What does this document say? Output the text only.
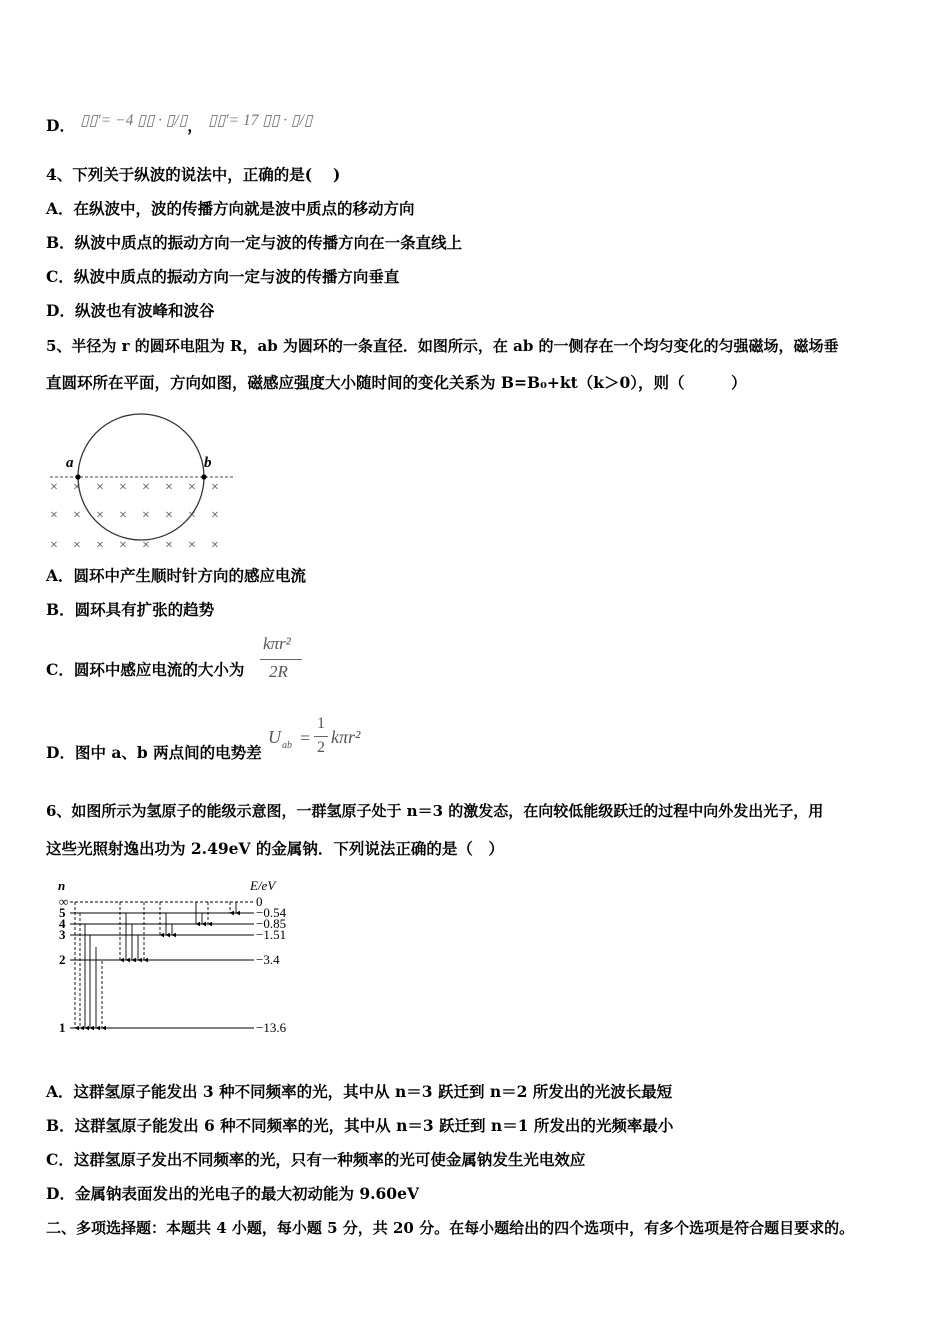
D． ▯▯′= −4 ▯▯ · ▯/▯， ▯▯′= 17 ▯▯ · ▯/▯
4、下列关于纵波的说法中，正确的是(　 )
A．在纵波中，波的传播方向就是波中质点的移动方向
B．纵波中质点的振动方向一定与波的传播方向在一条直线上
C．纵波中质点的振动方向一定与波的传播方向垂直
D．纵波也有波峰和波谷
5、半径为 r 的圆环电阻为 R，ab 为圆环的一条直径．如图所示，在 ab 的一侧存在一个均匀变化的匀强磁场，磁场垂
直圆环所在平面，方向如图，磁感应强度大小随时间的变化关系为 B=B₀+kt（k＞0），则（　　　）
a	b
× × × × × × × ×
× × × × × × × ×
× × × × × × × ×
A．圆环中产生顺时针方向的感应电流
B．圆环具有扩张的趋势
C．圆环中感应电流的大小为
kπr²
2R
D．图中 a、b 两点间的电势差
U ab =
1
2
kπr²
6、如图所示为氢原子的能级示意图，一群氢原子处于 n＝3 的激发态，在向较低能级跃迁的过程中向外发出光子，用
这些光照射逸出功为 2.49eV 的金属钠．下列说法正确的是（　）
n	E/eV
∞	0
5	−0.54
4	−0.85
3	−1.51
2	−3.4
1	−13.6
A．这群氢原子能发出 3 种不同频率的光，其中从 n＝3 跃迁到 n＝2 所发出的光波长最短
B．这群氢原子能发出 6 种不同频率的光，其中从 n＝3 跃迁到 n＝1 所发出的光频率最小
C．这群氢原子发出不同频率的光，只有一种频率的光可使金属钠发生光电效应
D．金属钠表面发出的光电子的最大初动能为 9.60eV
二、多项选择题：本题共 4 小题，每小题 5 分，共 20 分。在每小题给出的四个选项中，有多个选项是符合题目要求的。
